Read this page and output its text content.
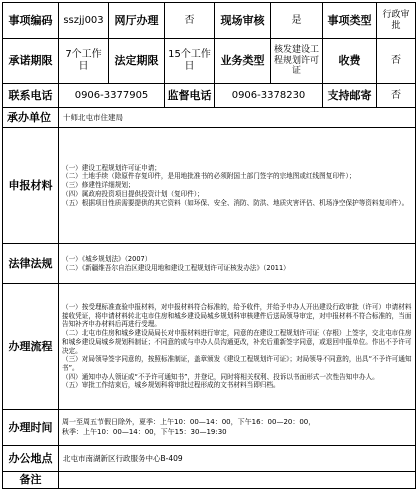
事项编码	sszjj003	网厅办理	否	现场审核	是	事项类型	行政审批
承诺期限	7个工作日	法定期限	15个工作日	业务类型	核发建设工程规划许可证	收费	否
联系电话	0906-3377905		监督电话	0906-3378230		支持邮寄	否
承办单位	十师北屯市住建局						
申报材料	（一）建设工程规划许可证申请；
（二）土地手续（除原件存复印件，是用地批准书的必须附国土部门签字的宗地图或红线图复印件）；
（三）修建性详细规划；
（四）属政府投资项目提供投资计划（复印件）；
（五）根据项目性质需要提供的其它资料（如环保、安全、消防、防洪、地质灾害评估、机场净空保护等资料复印件）。						

法律法规	（一）《城乡规划法》（2007）
（二）《新疆维吾尔自治区建设用地和建设工程规划许可证核发办法》（2011）						

办理流程	（一）按受理标准查验申报材料，对申报材料符合标准的，给予收件，并给予申办人开出建设行政审批（许可）申请材料接收凭证，将申请材料转北屯市住房和城乡建设局城乡规划科审核建件后送局领导审定，对申报材料不符合标准的，当面告知补齐申办材料后再进行受理。
（二）北屯市住房和城乡建设局局长对申报材料进行审定，同意的在建设工程规划许可证（存根）上签字，交北屯市住房和城乡建设局城乡规划科制证；不同意的或与申办人员沟通更改，补充后重新签字同意，或退回申报单位。作出不予许可决定。
（三）对局领导签字同意的，按照标准制证，盖章颁发《建设工程规划许可证》；对局领导不同意的，出具“不予许可通知书”。
（四）通知申办人领证或“不予许可通知书”，并登记，同时将相关权利、投诉以书面形式一次性告知申办人。
（五）审批工作结束后，城乡规划科将审批过程形成的文书材料当即归档。						

办理时间	周一至周五节假日除外，夏季：上午10：00—14：00，下午16：00—20：00，
秋季：上午10：00—14：00，下午15：30—19:30						

办公地点	北屯市南湖新区行政服务中心B-409						
备注							
